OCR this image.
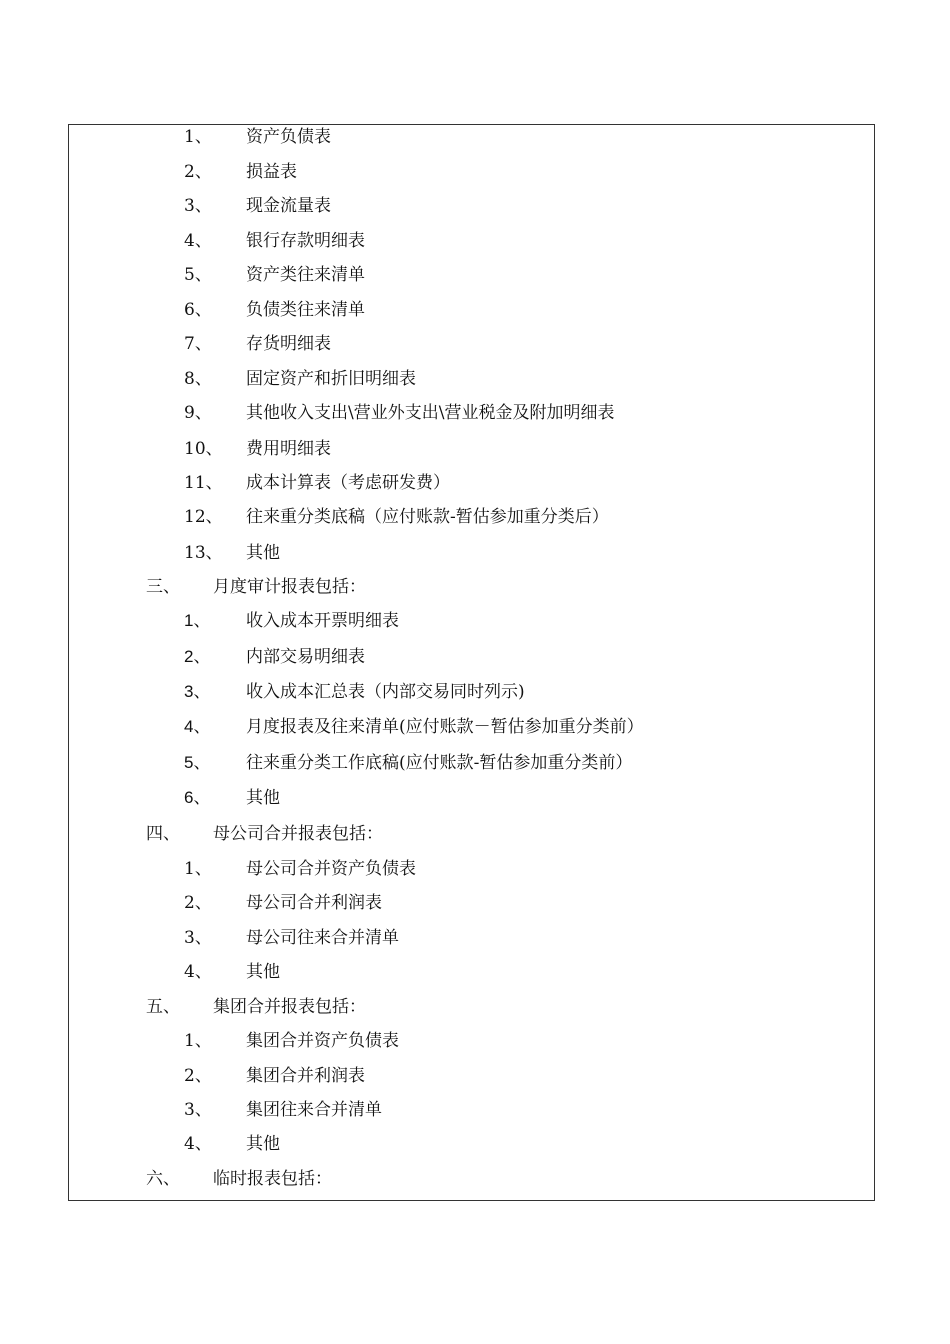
1、 资产负债表
2、 损益表
3、 现金流量表
4、 银行存款明细表
5、 资产类往来清单
6、 负债类往来清单
7、 存货明细表
8、 固定资产和折旧明细表
9、 其他收入支出\营业外支出\营业税金及附加明细表
10、 费用明细表
11、 成本计算表（考虑研发费）
12、 往来重分类底稿（应付账款-暂估参加重分类后）
13、 其他
三、 月度审计报表包括：
1、 收入成本开票明细表
2、 内部交易明细表
3、 收入成本汇总表（内部交易同时列示)
4、 月度报表及往来清单(应付账款－暂估参加重分类前）
5、 往来重分类工作底稿(应付账款-暂估参加重分类前）
6、 其他
四、 母公司合并报表包括：
1、 母公司合并资产负债表
2、 母公司合并利润表
3、 母公司往来合并清单
4、 其他
五、 集团合并报表包括：
1、 集团合并资产负债表
2、 集团合并利润表
3、 集团往来合并清单
4、 其他
六、 临时报表包括：
